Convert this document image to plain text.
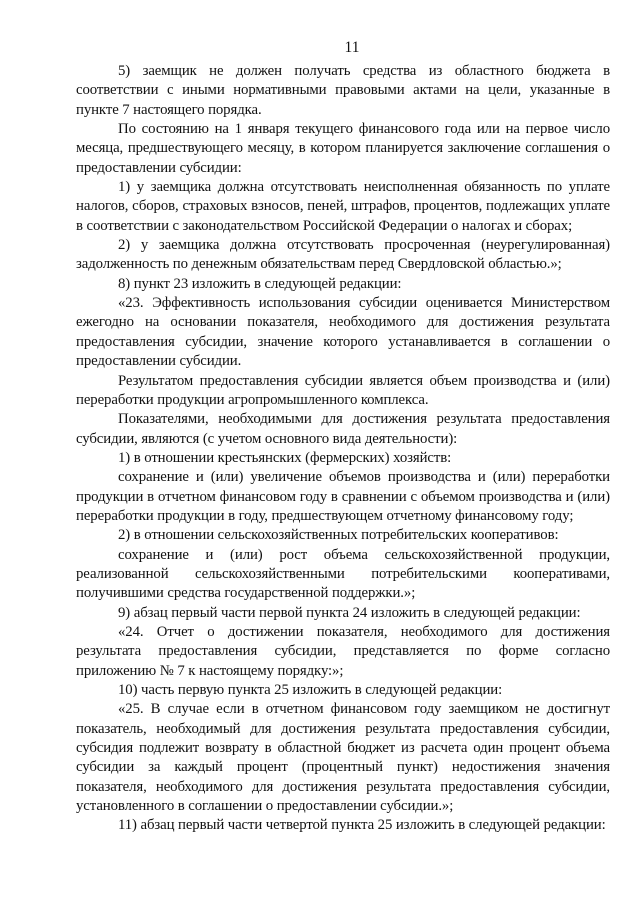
11

5) заемщик не должен получать средства из областного бюджета в соответствии с иными нормативными правовыми актами на цели, указанные в пункте 7 настоящего порядка.

По состоянию на 1 января текущего финансового года или на первое число месяца, предшествующего месяцу, в котором планируется заключение соглашения о предоставлении субсидии:

1) у заемщика должна отсутствовать неисполненная обязанность по уплате налогов, сборов, страховых взносов, пеней, штрафов, процентов, подлежащих уплате в соответствии с законодательством Российской Федерации о налогах и сборах;

2) у заемщика должна отсутствовать просроченная (неурегулированная) задолженность по денежным обязательствам перед Свердловской областью.»;

8) пункт 23 изложить в следующей редакции:

«23. Эффективность использования субсидии оценивается Министерством ежегодно на основании показателя, необходимого для достижения результата предоставления субсидии, значение которого устанавливается в соглашении о предоставлении субсидии.

Результатом предоставления субсидии является объем производства и (или) переработки продукции агропромышленного комплекса.

Показателями, необходимыми для достижения результата предоставления субсидии, являются (с учетом основного вида деятельности):

1) в отношении крестьянских (фермерских) хозяйств:

сохранение и (или) увеличение объемов производства и (или) переработки продукции в отчетном финансовом году в сравнении с объемом производства и (или) переработки продукции в году, предшествующем отчетному финансовому году;

2) в отношении сельскохозяйственных потребительских кооперативов:

сохранение и (или) рост объема сельскохозяйственной продукции, реализованной сельскохозяйственными потребительскими кооперативами, получившими средства государственной поддержки.»;

9) абзац первый части первой пункта 24 изложить в следующей редакции:

«24. Отчет о достижении показателя, необходимого для достижения результата предоставления субсидии, представляется по форме согласно приложению № 7 к настоящему порядку:»;

10) часть первую пункта 25 изложить в следующей редакции:

«25. В случае если в отчетном финансовом году заемщиком не достигнут показатель, необходимый для достижения результата предоставления субсидии, субсидия подлежит возврату в областной бюджет из расчета один процент объема субсидии за каждый процент (процентный пункт) недостижения значения показателя, необходимого для достижения результата предоставления субсидии, установленного в соглашении о предоставлении субсидии.»;

11) абзац первый части четвертой пункта 25 изложить в следующей редакции:
